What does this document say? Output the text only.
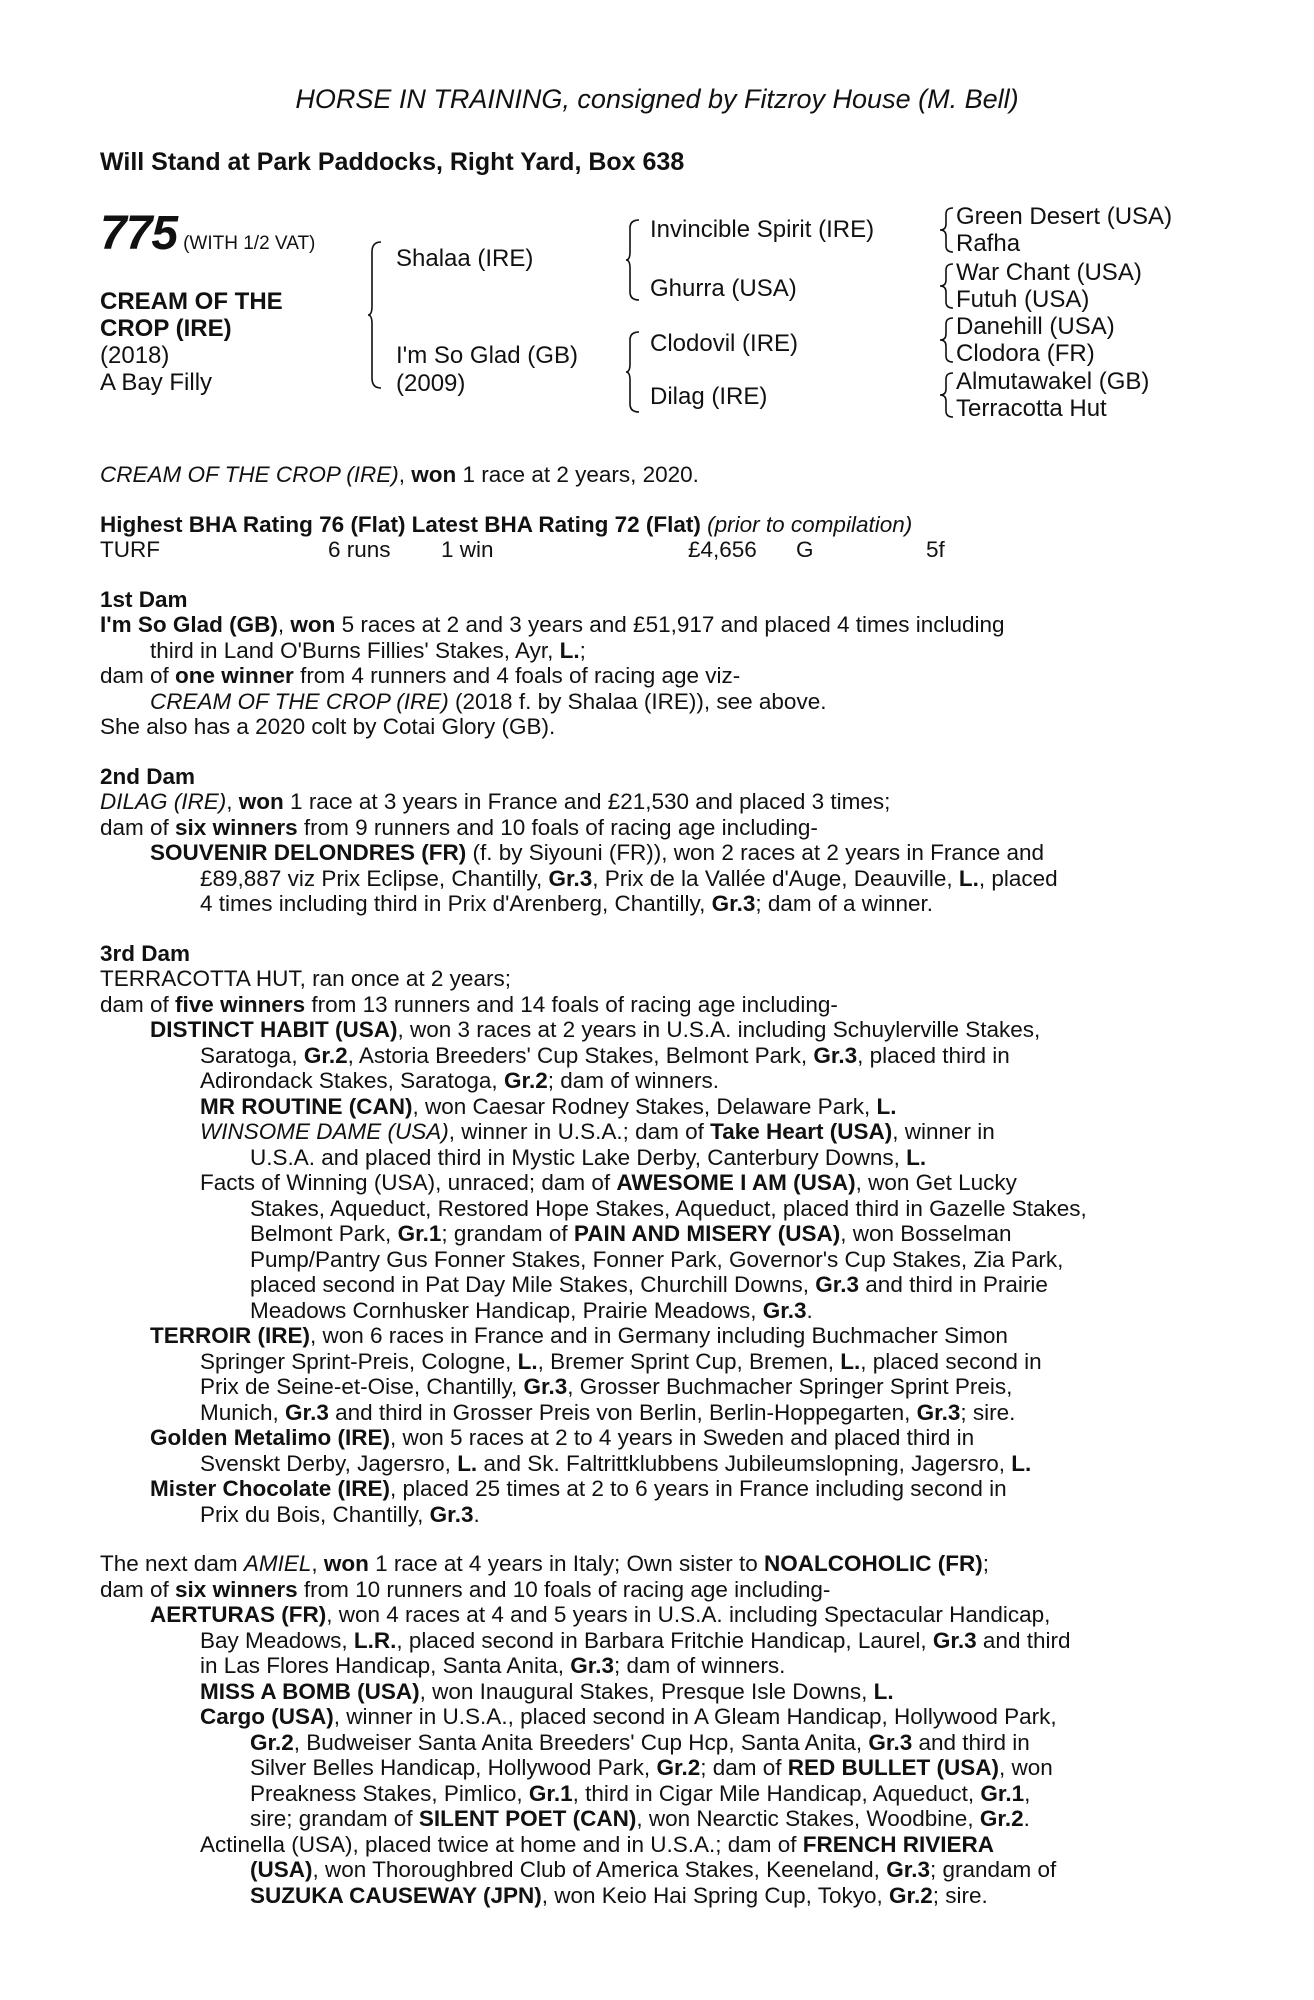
HORSE IN TRAINING, consigned by Fitzroy House (M. Bell)
Will Stand at Park Paddocks, Right Yard, Box 638
775 (WITH 1/2 VAT)
CREAM OF THE
CROP (IRE)
(2018)
A Bay Filly
Shalaa (IRE)
I'm So Glad (GB)
(2009)
Invincible Spirit (IRE)
Ghurra (USA)
Clodovil (IRE)
Dilag (IRE)
Green Desert (USA)
Rafha
War Chant (USA)
Futuh (USA)
Danehill (USA)
Clodora (FR)
Almutawakel (GB)
Terracotta Hut

CREAM OF THE CROP (IRE), won 1 race at 2 years, 2020.

Highest BHA Rating 76 (Flat) Latest BHA Rating 72 (Flat) (prior to compilation)

TURF	6 runs	1 win	£4,656	G	5f

1st Dam

I'm So Glad (GB), won 5 races at 2 and 3 years and £51,917 and placed 4 times including

third in Land O'Burns Fillies' Stakes, Ayr, L.;

dam of one winner from 4 runners and 4 foals of racing age viz-

CREAM OF THE CROP (IRE) (2018 f. by Shalaa (IRE)), see above.

She also has a 2020 colt by Cotai Glory (GB).

2nd Dam

DILAG (IRE), won 1 race at 3 years in France and £21,530 and placed 3 times;

dam of six winners from 9 runners and 10 foals of racing age including-

SOUVENIR DELONDRES (FR) (f. by Siyouni (FR)), won 2 races at 2 years in France and

£89,887 viz Prix Eclipse, Chantilly, Gr.3, Prix de la Vallée d'Auge, Deauville, L., placed

4 times including third in Prix d'Arenberg, Chantilly, Gr.3; dam of a winner.

3rd Dam

TERRACOTTA HUT, ran once at 2 years;

dam of five winners from 13 runners and 14 foals of racing age including-

DISTINCT HABIT (USA), won 3 races at 2 years in U.S.A. including Schuylerville Stakes,

Saratoga, Gr.2, Astoria Breeders' Cup Stakes, Belmont Park, Gr.3, placed third in

Adirondack Stakes, Saratoga, Gr.2; dam of winners.

MR ROUTINE (CAN), won Caesar Rodney Stakes, Delaware Park, L.

WINSOME DAME (USA), winner in U.S.A.; dam of Take Heart (USA), winner in

U.S.A. and placed third in Mystic Lake Derby, Canterbury Downs, L.

Facts of Winning (USA), unraced; dam of AWESOME I AM (USA), won Get Lucky

Stakes, Aqueduct, Restored Hope Stakes, Aqueduct, placed third in Gazelle Stakes,

Belmont Park, Gr.1; grandam of PAIN AND MISERY (USA), won Bosselman

Pump/Pantry Gus Fonner Stakes, Fonner Park, Governor's Cup Stakes, Zia Park,

placed second in Pat Day Mile Stakes, Churchill Downs, Gr.3 and third in Prairie

Meadows Cornhusker Handicap, Prairie Meadows, Gr.3.

TERROIR (IRE), won 6 races in France and in Germany including Buchmacher Simon

Springer Sprint-Preis, Cologne, L., Bremer Sprint Cup, Bremen, L., placed second in

Prix de Seine-et-Oise, Chantilly, Gr.3, Grosser Buchmacher Springer Sprint Preis,

Munich, Gr.3 and third in Grosser Preis von Berlin, Berlin-Hoppegarten, Gr.3; sire.

Golden Metalimo (IRE), won 5 races at 2 to 4 years in Sweden and placed third in

Svenskt Derby, Jagersro, L. and Sk. Faltrittklubbens Jubileumslopning, Jagersro, L.

Mister Chocolate (IRE), placed 25 times at 2 to 6 years in France including second in

Prix du Bois, Chantilly, Gr.3.

The next dam AMIEL, won 1 race at 4 years in Italy; Own sister to NOALCOHOLIC (FR);

dam of six winners from 10 runners and 10 foals of racing age including-

AERTURAS (FR), won 4 races at 4 and 5 years in U.S.A. including Spectacular Handicap,

Bay Meadows, L.R., placed second in Barbara Fritchie Handicap, Laurel, Gr.3 and third

in Las Flores Handicap, Santa Anita, Gr.3; dam of winners.

MISS A BOMB (USA), won Inaugural Stakes, Presque Isle Downs, L.

Cargo (USA), winner in U.S.A., placed second in A Gleam Handicap, Hollywood Park,

Gr.2, Budweiser Santa Anita Breeders' Cup Hcp, Santa Anita, Gr.3 and third in

Silver Belles Handicap, Hollywood Park, Gr.2; dam of RED BULLET (USA), won

Preakness Stakes, Pimlico, Gr.1, third in Cigar Mile Handicap, Aqueduct, Gr.1,

sire; grandam of SILENT POET (CAN), won Nearctic Stakes, Woodbine, Gr.2.

Actinella (USA), placed twice at home and in U.S.A.; dam of FRENCH RIVIERA

(USA), won Thoroughbred Club of America Stakes, Keeneland, Gr.3; grandam of

SUZUKA CAUSEWAY (JPN), won Keio Hai Spring Cup, Tokyo, Gr.2; sire.
